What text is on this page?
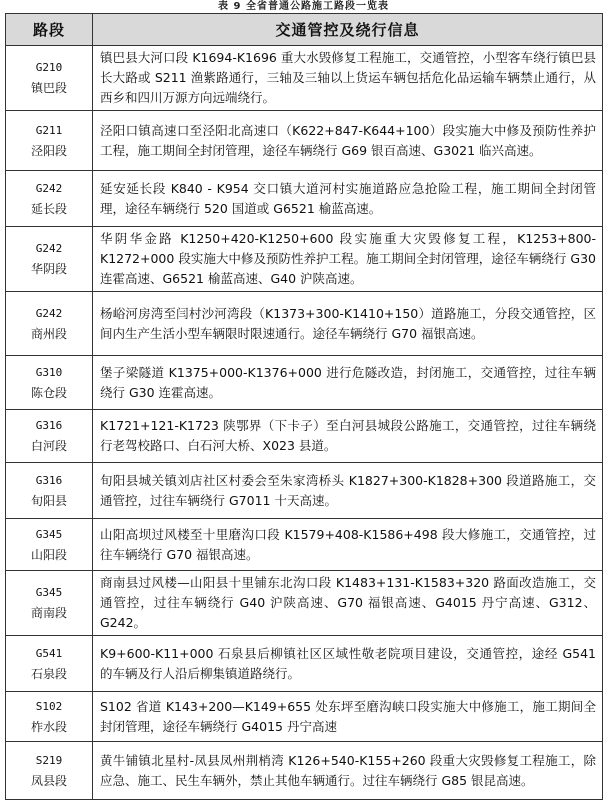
表 9 全省普通公路施工路段一览表
路段	交通管控及绕行信息

G210
镇巴段	镇巴县大河口段 K1694-K1696 重大水毁修复工程施工，交通管控，小型客车绕行镇巴县长大路或 S211 渔紫路通行，三轴及三轴以上货运车辆包括危化品运输车辆禁止通行，从西乡和四川万源方向远端绕行。

G211
泾阳段	泾阳口镇高速口至泾阳北高速口（K622+847-K644+100）段实施大中修及预防性养护工程，施工期间全封闭管理，途径车辆绕行 G69 银百高速、G3021 临兴高速。

G242
延长段	延安延长段 K840 - K954 交口镇大道河村实施道路应急抢险工程，施工期间全封闭管理，途径车辆绕行 520 国道或 G6521 榆蓝高速。

G242
华阴段	华阴华金路 K1250+420-K1250+600 段实施重大灾毁修复工程，K1253+800-K1272+000 段实施大中修及预防性养护工程。施工期间全封闭管理，途径车辆绕行 G30 连霍高速、G6521 榆蓝高速、G40 沪陕高速。

G242
商州段	杨峪河房湾至闫村沙河湾段（K1373+300-K1410+150）道路施工，分段交通管控，区间内生产生活小型车辆限时限速通行。途径车辆绕行 G70 福银高速。

G310
陈仓段	堡子梁隧道 K1375+000-K1376+000 进行危隧改造，封闭施工，交通管控，过往车辆绕行 G30 连霍高速。

G316
白河段	K1721+121-K1723 陕鄂界（下卡子）至白河县城段公路施工，交通管控，过往车辆绕行老驾校路口、白石河大桥、X023 县道。

G316
旬阳县	旬阳县城关镇刘店社区村委会至朱家湾桥头 K1827+300-K1828+300 段道路施工，交通管控，过往车辆绕行 G7011 十天高速。

G345
山阳段	山阳高坝过风楼至十里磨沟口段 K1579+408-K1586+498 段大修施工，交通管控，过往车辆绕行 G70 福银高速。

G345
商南段	商南县过风楼—山阳县十里铺东北沟口段 K1483+131-K1583+320 路面改造施工，交通管控，过往车辆绕行 G40 沪陕高速、G70 福银高速、G4015 丹宁高速、G312、G242。

G541
石泉段	K9+600-K11+000 石泉县后柳镇社区区域性敬老院项目建设，交通管控，途经 G541 的车辆及行人沿后柳集镇道路绕行。

S102
柞水段	S102 省道 K143+200—K149+655 处东坪至磨沟峡口段实施大中修施工，施工期间全封闭管理，途径车辆绕行 G4015 丹宁高速

S219
凤县段	黄牛铺镇北星村-凤县凤州荆梢湾 K126+540-K155+260 段重大灾毁修复工程施工，除应急、施工、民生车辆外，禁止其他车辆通行。过往车辆绕行 G85 银昆高速。
